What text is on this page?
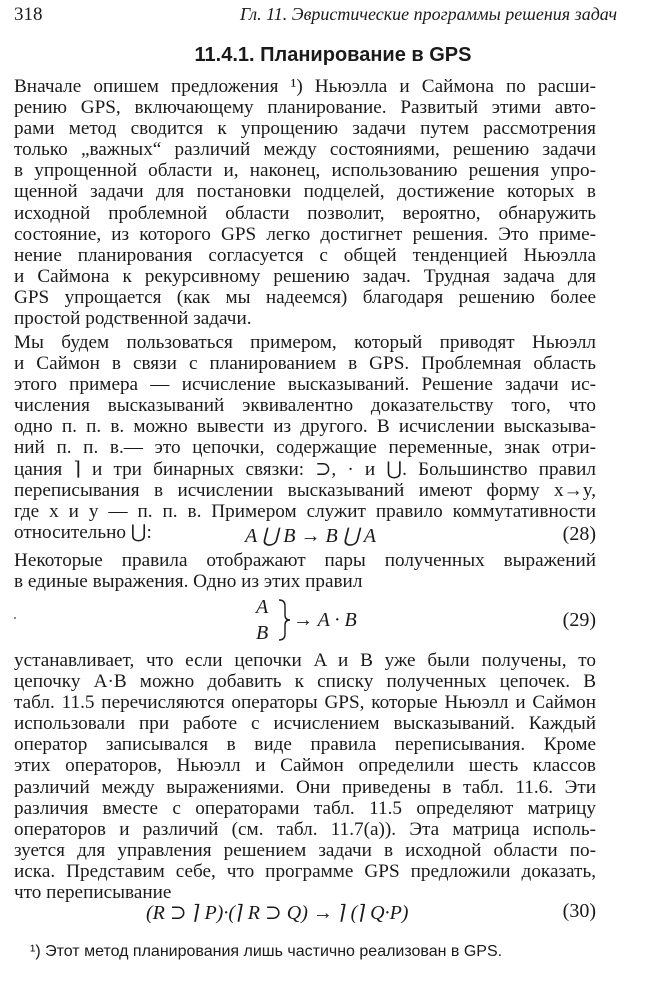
318	Гл. 11. Эвристические программы решения задач
11.4.1. Планирование в GPS
Вначале опишем предложения ¹) Ньюэлла и Саймона по расши-
рению GPS, включающему планирование. Развитый этими авто-
рами метод сводится к упрощению задачи путем рассмотрения
только „важных“ различий между состояниями, решению задачи
в упрощенной области и, наконец, использованию решения упро-
щенной задачи для постановки подцелей, достижение которых в
исходной проблемной области позволит, вероятно, обнаружить
состояние, из которого GPS легко достигнет решения. Это приме-
нение планирования согласуется с общей тенденцией Ньюэлла
и Саймона к рекурсивному решению задач. Трудная задача для
GPS упрощается (как мы надеемся) благодаря решению более
простой родственной задачи.
Мы будем пользоваться примером, который приводят Ньюэлл
и Саймон в связи с планированием в GPS. Проблемная область
этого примера — исчисление высказываний. Решение задачи ис-
числения высказываний эквивалентно доказательству того, что
одно п. п. в. можно вывести из другого. В исчислении высказыва-
ний п. п. в.— это цепочки, содержащие переменные, знак отри-
цания ⌉ и три бинарных связки: ⊃, · и ⋃. Большинство правил
переписывания в исчислении высказываний имеют форму x→y,
где x и y — п. п. в. Примером служит правило коммутативности
относительно ⋃:	A ⋃ B → B ⋃ A	(28)
Некоторые правила отображают пары полученных выражений
в единые выражения. Одно из этих правил
A
B
→ A · B	(29)
устанавливает, что если цепочки A и B уже были получены, то
цепочку A·B можно добавить к списку полученных цепочек. В
табл. 11.5 перечисляются операторы GPS, которые Ньюэлл и Саймон
использовали при работе с исчислением высказываний. Каждый
оператор записывался в виде правила переписывания. Кроме
этих операторов, Ньюэлл и Саймон определили шесть классов
различий между выражениями. Они приведены в табл. 11.6. Эти
различия вместе с операторами табл. 11.5 определяют матрицу
операторов и различий (см. табл. 11.7(а)). Эта матрица исполь-
зуется для управления решением задачи в исходной области по-
иска. Представим себе, что программе GPS предложили доказать,
что переписывание
(R ⊃ ⌉ P)·(⌉ R ⊃ Q) → ⌉ (⌉ Q·P)	(30)
¹) Этот метод планирования лишь частично реализован в GPS.
